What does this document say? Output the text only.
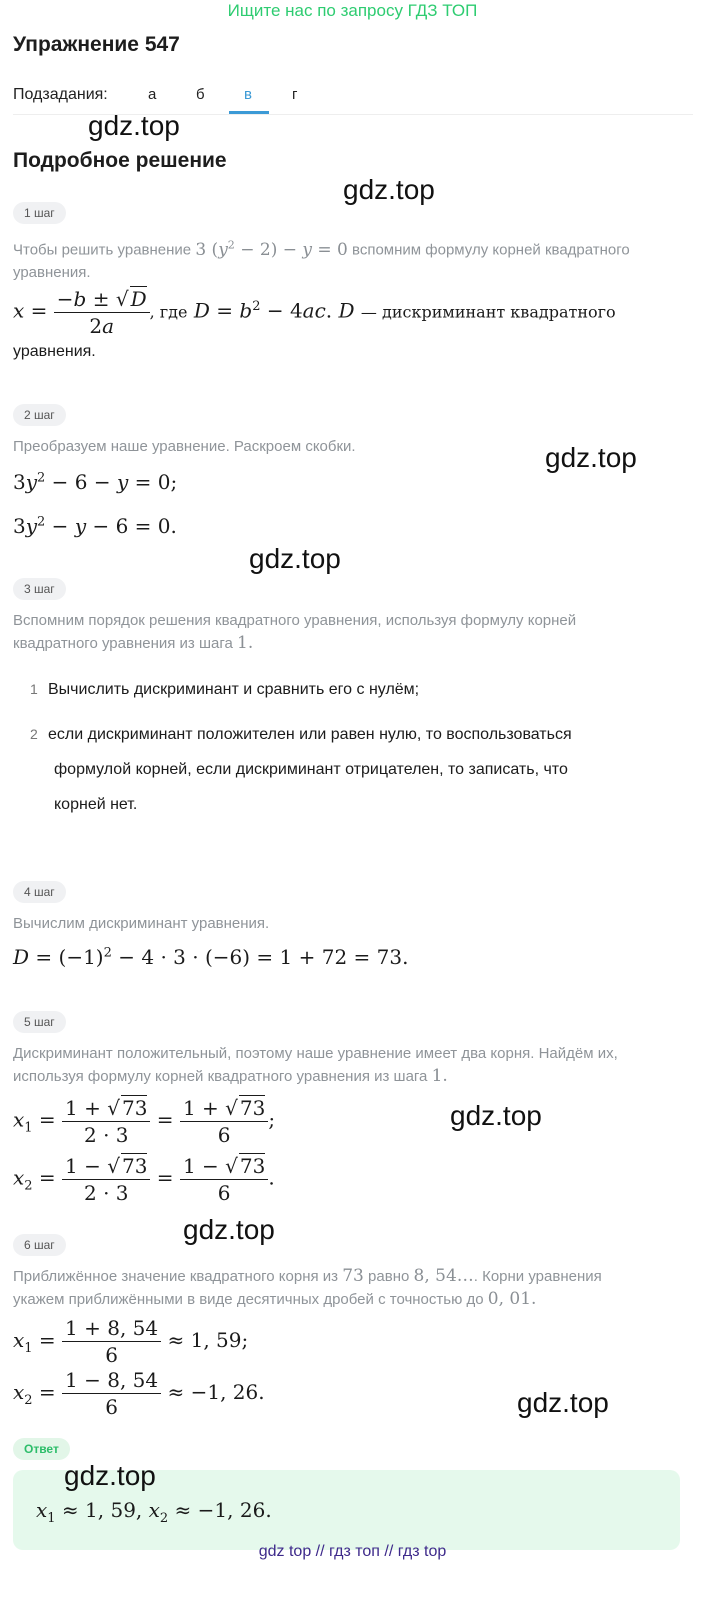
Ищите нас по запросу ГДЗ ТОП
Упражнение 547
Подзадания:	а	б	в	г
gdz.top
gdz.top
gdz.top
gdz.top
gdz.top
gdz.top
gdz.top
Подробное решение
1 шаг
Чтобы решить уравнение 3 $(y^2 - 2) - y = 0$ вспомним формулу корней квадратного уравнения.
$x = \frac{-b \pm √ D}{2a}$ , где $D = b^2 - 4ac$. D — дискриминант квадратного
уравнения.
2 шаг
Преобразуем наше уравнение. Раскроем скобки.
$3y^2 - 6 - y = 0$;
$3y^2 - y - 6 = 0$.
3 шаг
Вспомним порядок решения квадратного уравнения, используя формулу корней
квадратного уравнения из шага 1.
1 Вычислить дискриминант и сравнить его с нулём;
2 если дискриминант положителен или равен нулю, то воспользоваться
формулой корней, если дискриминант отрицателен, то записать, что
корней нет.
4 шаг
Вычислим дискриминант уравнения.
$D = (-1)^2 - 4 \cdot 3 \cdot (-6) = 1 + 72 = 73$.
5 шаг
Дискриминант положительный, поэтому наше уравнение имеет два корня. Найдём их,
используя формулу корней квадратного уравнения из шага 1.
$x_1 = \frac{1 + √ 73}{2 \cdot 3} = \frac{1 + √ 73}{6}$ ;
$x_2 = \frac{1 - √ 73}{2 \cdot 3} = \frac{1 - √ 73}{6}$ .
6 шаг
Приближённое значение квадратного корня из 73 равно 8, 54…. Корни уравнения
укажем приближёнными в виде десятичных дробей с точностью до 0, 01.
$x_1 = \frac{1 + 8, 54}{6} \approx 1$, 59;
$x_2 = \frac{1 - 8, 54}{6} \approx -1$, 26.
Ответ
$x_1 \approx 1$, 59, $x_2 \approx -1$, 26.
gdz.top
gdz top // гдз топ // гдз top
